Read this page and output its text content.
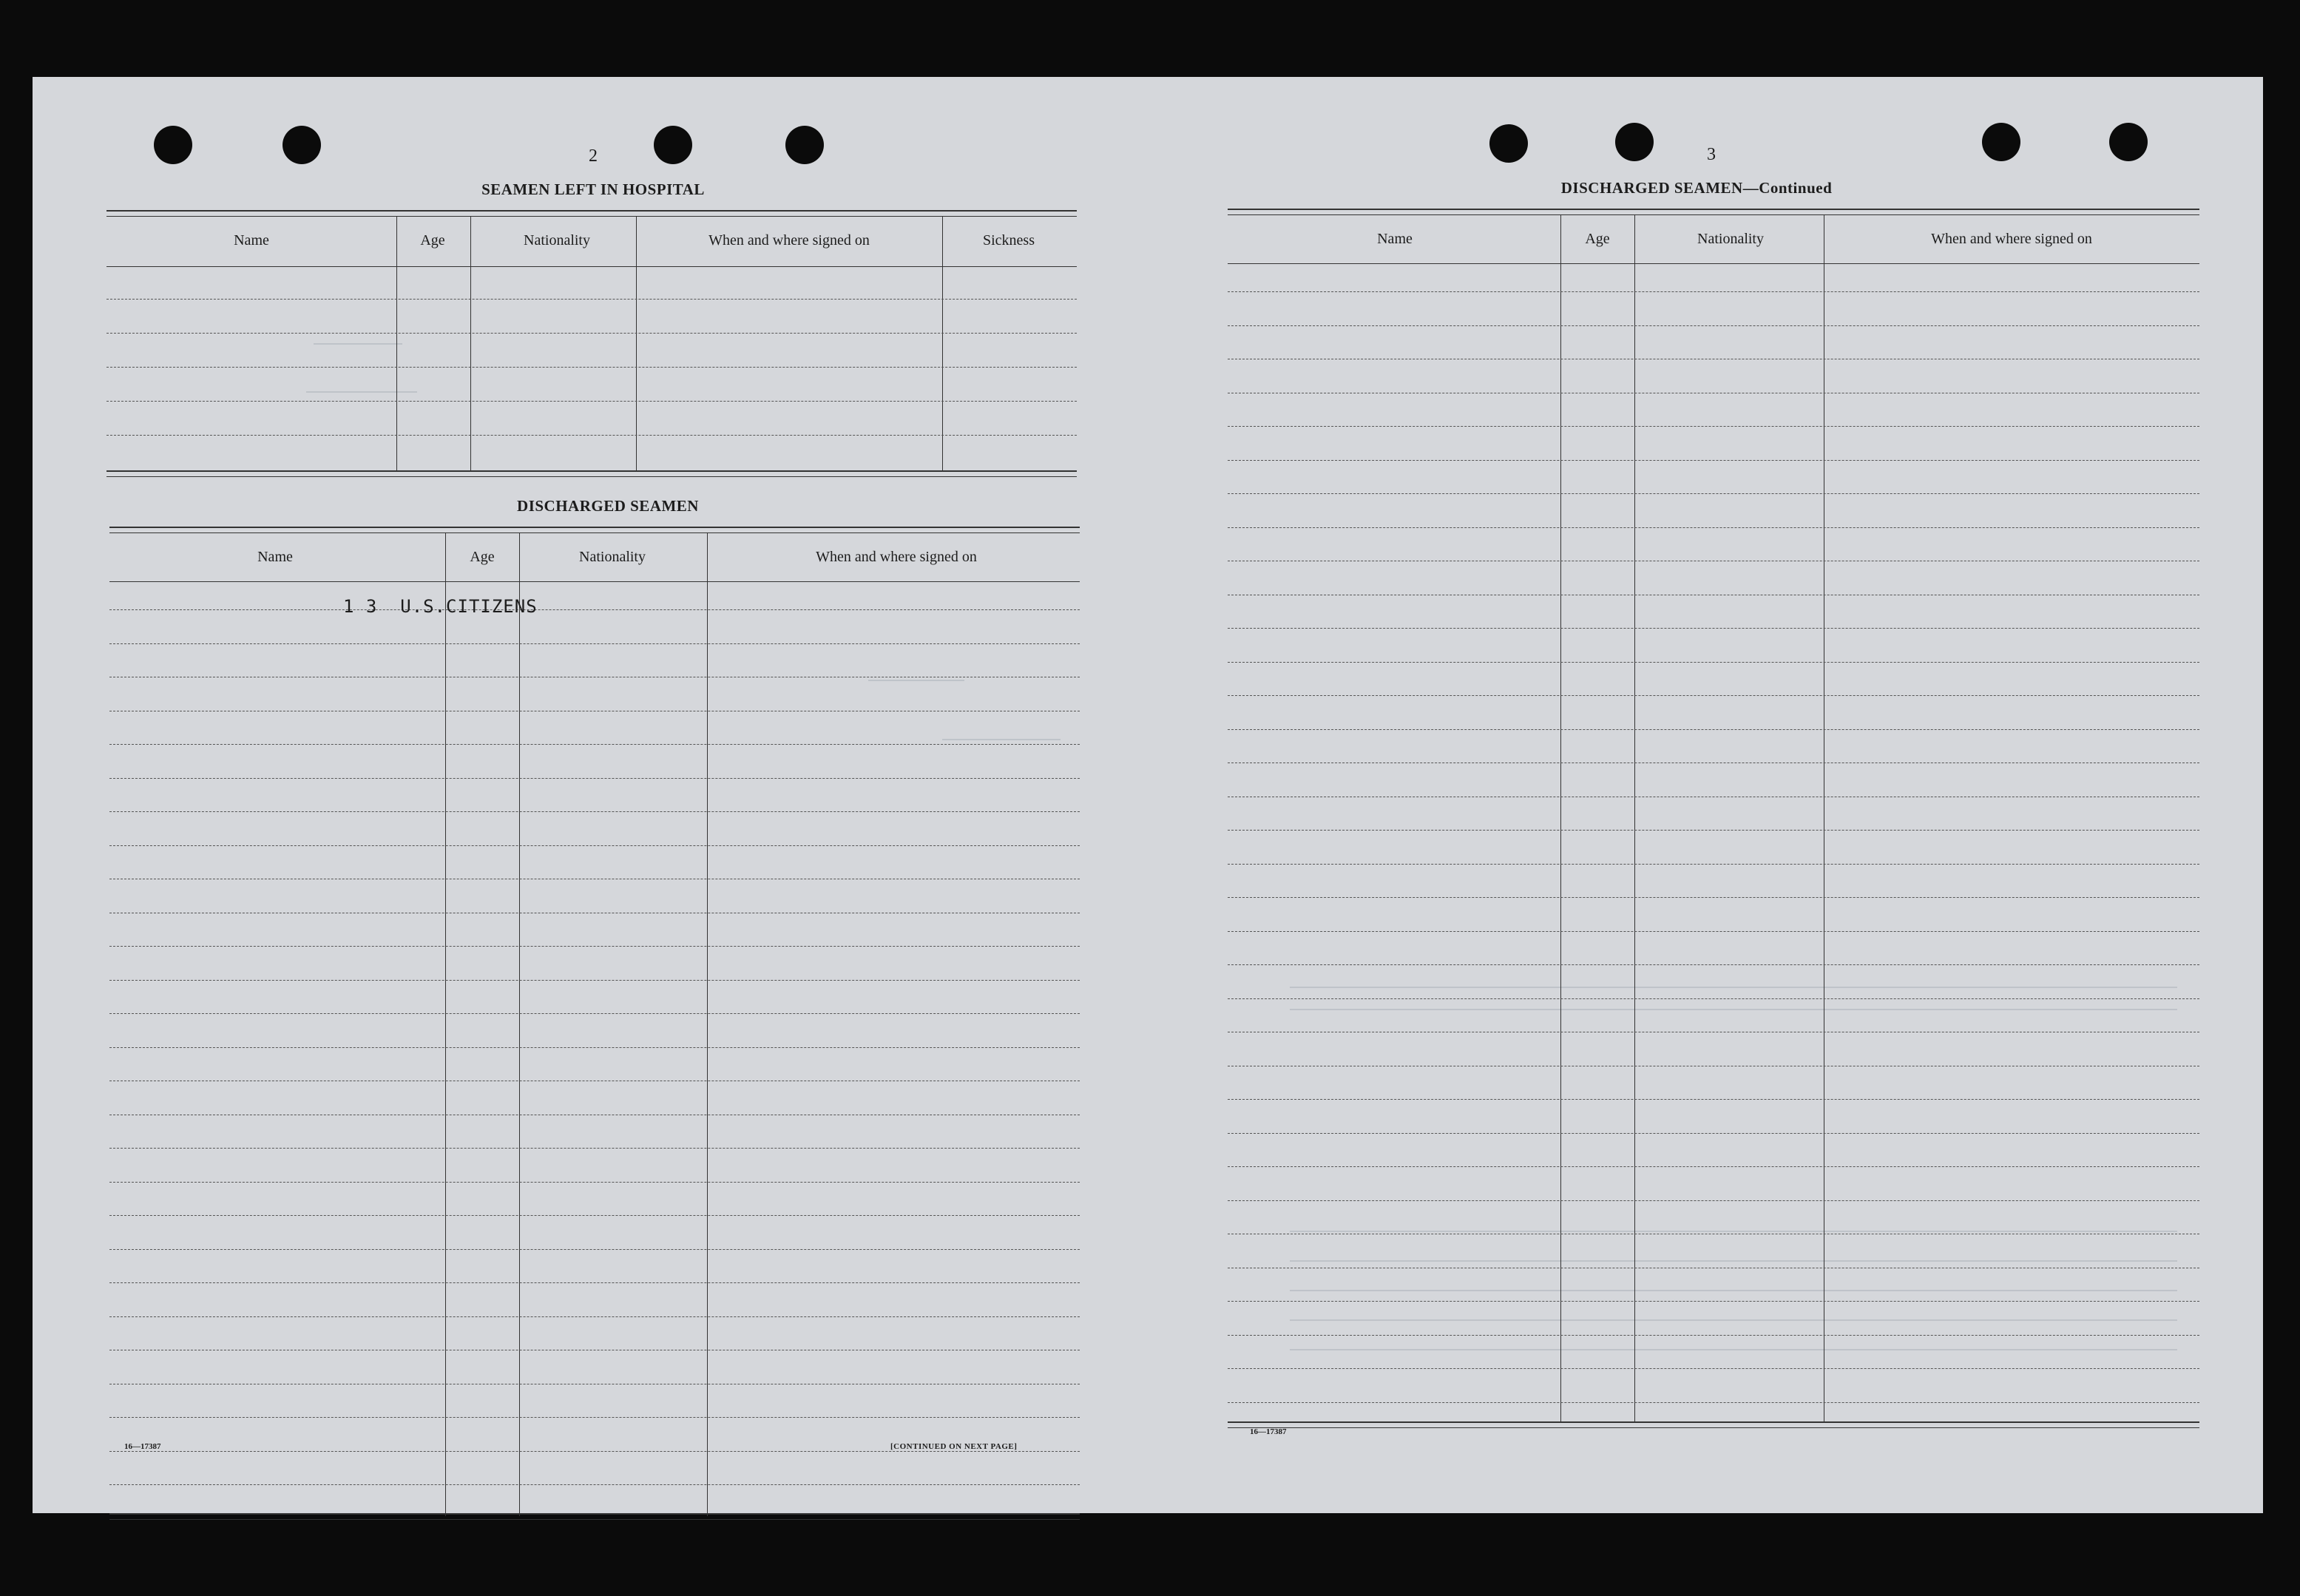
2
SEAMEN LEFT IN HOSPITAL
Name	Age	Nationality	When and where signed on	Sickness
DISCHARGED SEAMEN
Name	Age	Nationality	When and where signed on
1 3  U.S.CITIZENS
16—17387	[CONTINUED ON NEXT PAGE]
3
DISCHARGED SEAMEN—Continued
Name	Age	Nationality	When and where signed on
16—17387
